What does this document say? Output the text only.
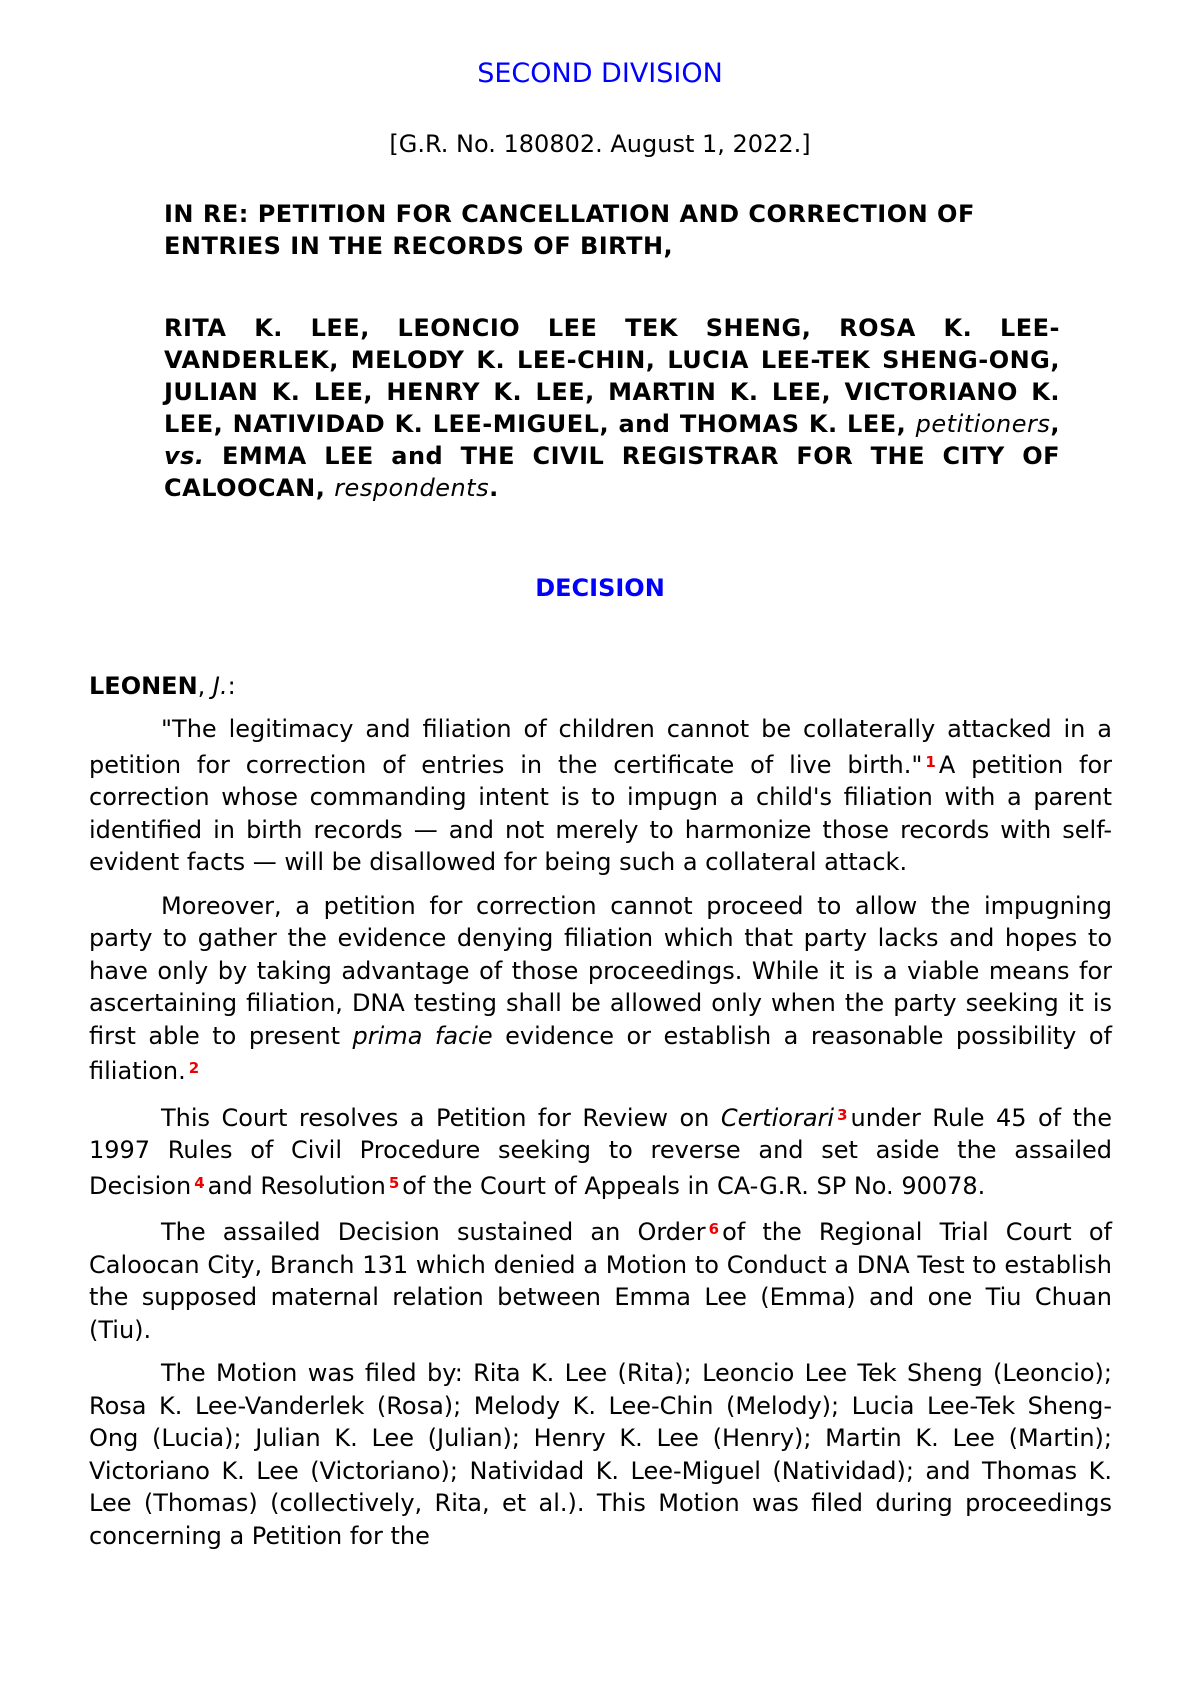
SECOND DIVISION
[G.R. No. 180802. August 1, 2022.]
IN RE: PETITION FOR CANCELLATION AND CORRECTION OF ENTRIES IN THE RECORDS OF BIRTH,
RITA K. LEE, LEONCIO LEE TEK SHENG, ROSA K. LEE-VANDERLEK, MELODY K. LEE-CHIN, LUCIA LEE-TEK SHENG-ONG, JULIAN K. LEE, HENRY K. LEE, MARTIN K. LEE, VICTORIANO K. LEE, NATIVIDAD K. LEE-MIGUEL, and THOMAS K. LEE, petitioners, vs. EMMA LEE and THE CIVIL REGISTRAR FOR THE CITY OF CALOOCAN, respondents.
DECISION
LEONEN, J.:

"The legitimacy and filiation of children cannot be collaterally attacked in a petition for correction of entries in the certificate of live birth." $^1$ A petition for correction whose commanding intent is to impugn a child's filiation with a parent identified in birth records — and not merely to harmonize those records with self-evident facts — will be disallowed for being such a collateral attack.

Moreover, a petition for correction cannot proceed to allow the impugning party to gather the evidence denying filiation which that party lacks and hopes to have only by taking advantage of those proceedings. While it is a viable means for ascertaining filiation, DNA testing shall be allowed only when the party seeking it is first able to present prima facie evidence or establish a reasonable possibility of filiation. $^2$

This Court resolves a Petition for Review on Certiorari $^3$ under Rule 45 of the 1997 Rules of Civil Procedure seeking to reverse and set aside the assailed Decision $^4$ and Resolution $^5$ of the Court of Appeals in CA-G.R. SP No. 90078.

The assailed Decision sustained an Order $^6$ of the Regional Trial Court of Caloocan City, Branch 131 which denied a Motion to Conduct a DNA Test to establish the supposed maternal relation between Emma Lee (Emma) and one Tiu Chuan (Tiu).

The Motion was filed by: Rita K. Lee (Rita); Leoncio Lee Tek Sheng (Leoncio); Rosa K. Lee-Vanderlek (Rosa); Melody K. Lee-Chin (Melody); Lucia Lee-Tek Sheng-Ong (Lucia); Julian K. Lee (Julian); Henry K. Lee (Henry); Martin K. Lee (Martin); Victoriano K. Lee (Victoriano); Natividad K. Lee-Miguel (Natividad); and Thomas K. Lee (Thomas) (collectively, Rita, et al.). This Motion was filed during proceedings concerning a Petition for the
